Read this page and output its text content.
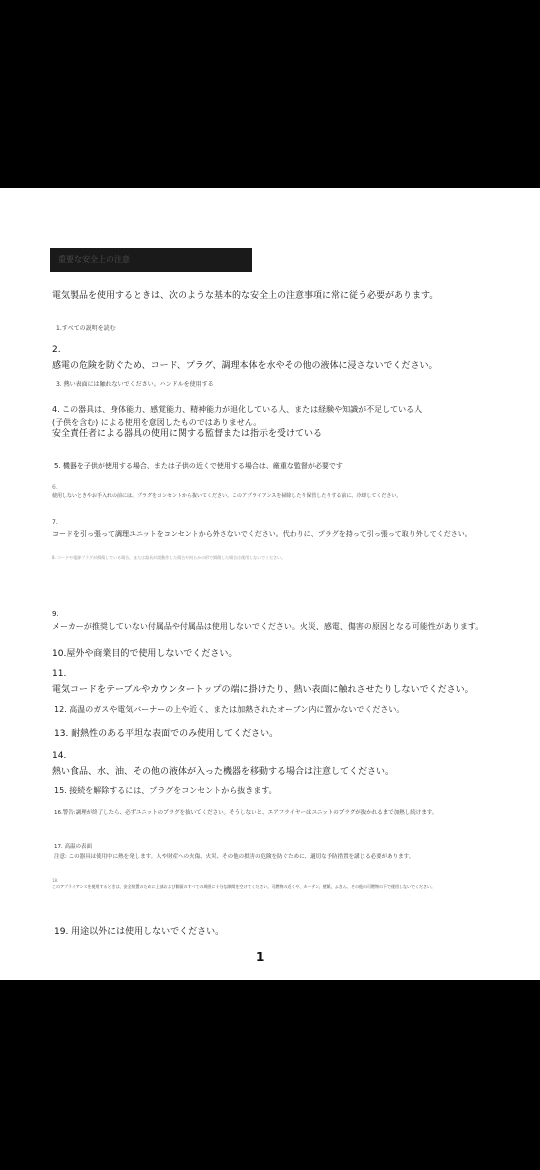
重要な安全上の注意
電気製品を使用するときは、次のような基本的な安全上の注意事項に常に従う必要があります。
1.すべての説明を読む
2.
感電の危険を防ぐため、コード、プラグ、調理本体を水やその他の液体に浸さないでください。
3. 熱い表面には触れないでください。ハンドルを使用する
4. この器具は、身体能力、感覚能力、精神能力が退化している人、または経験や知識が不足している人
(子供を含む) による使用を意図したものではありません。
安全責任者による器具の使用に関する監督または指示を受けている
5. 機器を子供が使用する場合、または子供の近くで使用する場合は、厳重な監督が必要です
6.
使用しないときやお手入れの前には、プラグをコンセントから抜いてください。このアプライアンスを掃除したり保管したりする前に、冷却してください。
7.
コードを引っ張って調理ユニットをコンセントから外さないでください。代わりに、プラグを持って引っ張って取り外してください。
8. コードや電源プラグが損傷している場合、または器具が誤動作した場合や何らかの形で損傷した場合は使用しないでください。
9.
メーカーが推奨していない付属品や付属品は使用しないでください。火災、感電、傷害の原因となる可能性があります。
10.屋外や商業目的で使用しないでください。
11.
電気コードをテーブルやカウンタートップの端に掛けたり、熱い表面に触れさせたりしないでください。
12. 高温のガスや電気バーナーの上や近く、または加熱されたオーブン内に置かないでください。
13. 耐熱性のある平坦な表面でのみ使用してください。
14.
熱い食品、水、油、その他の液体が入った機器を移動する場合は注意してください。
15. 接続を解除するには、プラグをコンセントから抜きます。
16.警告:調理が終了したら、必ずユニットのプラグを抜いてください。そうしないと、エアフライヤーはユニットのプラグが抜かれるまで加熱し続けます。
17. 高温の表面
注意: この器具は使用中に熱を発します。人や財産への火傷、火災、その他の損害の危険を防ぐために、適切な予防措置を講じる必要があります。
18.
このアプライアンスを使用するときは、安全装置のために上部および側面のすべての周囲に十分な隙間を空けてください。可燃物の近くや、カーテン、壁紙、ふきん、その他の可燃物の下で使用しないでください。
19. 用途以外には使用しないでください。
1
